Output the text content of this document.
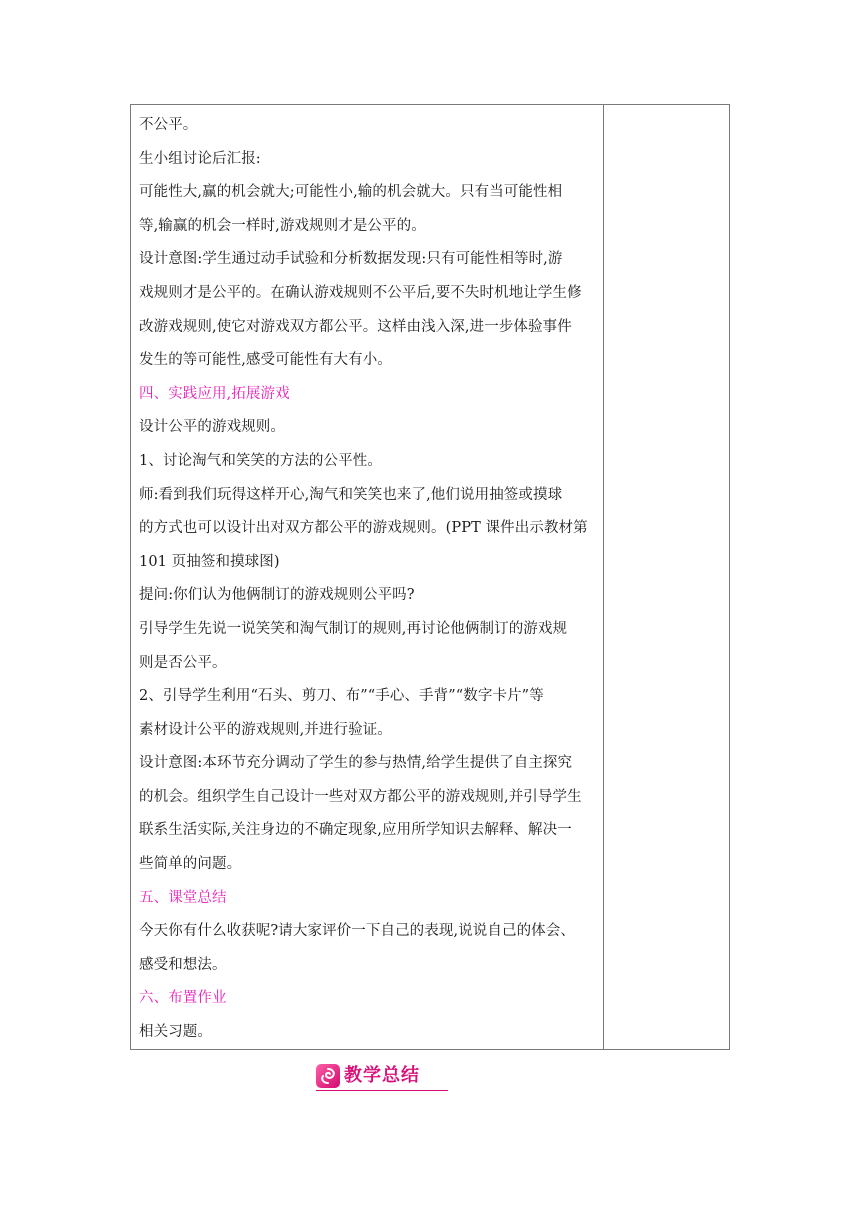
不公平。
生小组讨论后汇报:
可能性大,赢的机会就大;可能性小,输的机会就大。只有当可能性相
等,输赢的机会一样时,游戏规则才是公平的。
设计意图:学生通过动手试验和分析数据发现:只有可能性相等时,游
戏规则才是公平的。在确认游戏规则不公平后,要不失时机地让学生修
改游戏规则,使它对游戏双方都公平。这样由浅入深,进一步体验事件
发生的等可能性,感受可能性有大有小。
四、实践应用,拓展游戏
设计公平的游戏规则。
1、讨论淘气和笑笑的方法的公平性。
师:看到我们玩得这样开心,淘气和笑笑也来了,他们说用抽签或摸球
的方式也可以设计出对双方都公平的游戏规则。(PPT 课件出示教材第
101 页抽签和摸球图)
提问:你们认为他俩制订的游戏规则公平吗?
引导学生先说一说笑笑和淘气制订的规则,再讨论他俩制订的游戏规
则是否公平。
2、引导学生利用“石头、剪刀、布”“手心、手背”“数字卡片”等
素材设计公平的游戏规则,并进行验证。
设计意图:本环节充分调动了学生的参与热情,给学生提供了自主探究
的机会。组织学生自己设计一些对双方都公平的游戏规则,并引导学生
联系生活实际,关注身边的不确定现象,应用所学知识去解释、解决一
些简单的问题。
五、课堂总结
今天你有什么收获呢?请大家评价一下自己的表现,说说自己的体会、
感受和想法。
六、布置作业
相关习题。
教学总结
